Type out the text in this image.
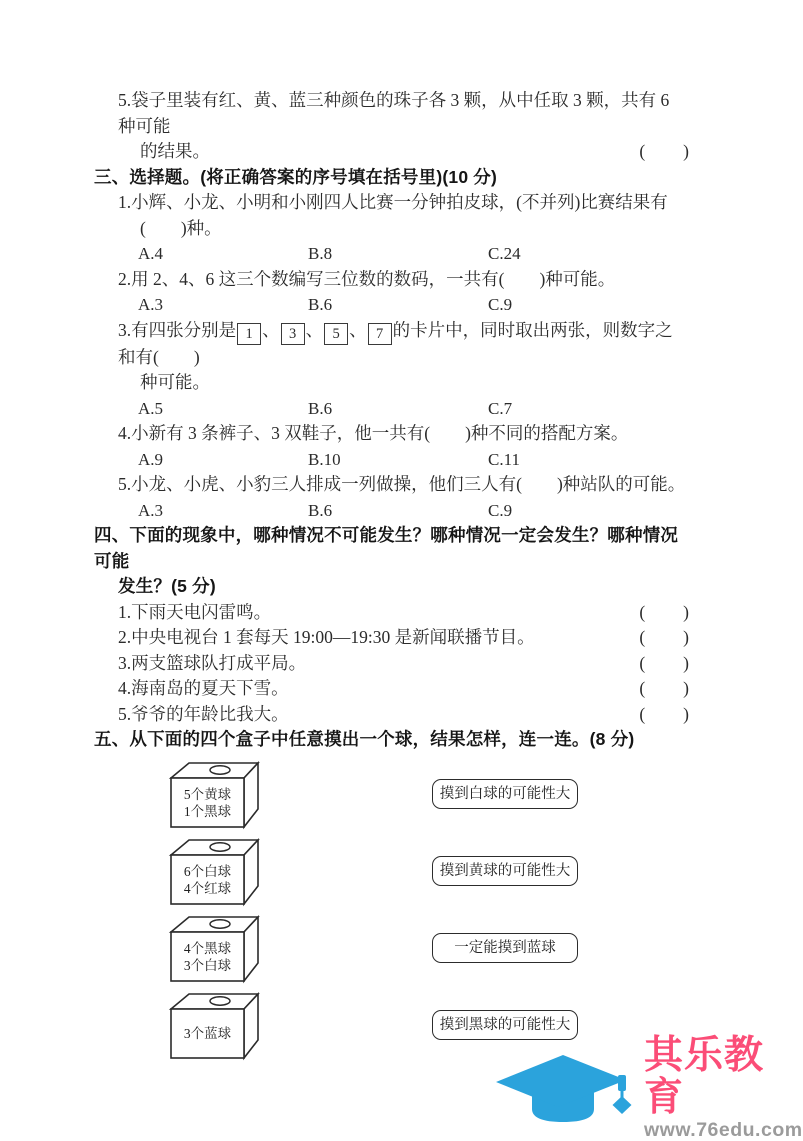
5.袋子里装有红、黄、蓝三种颜色的珠子各 3 颗，从中任取 3 颗，共有 6 种可能
的结果。	(　　)
三、选择题。(将正确答案的序号填在括号里)(10 分)
1.小辉、小龙、小明和小刚四人比赛一分钟拍皮球，(不并列)比赛结果有
(　　)种。
A.4	B.8	C.24
2.用 2、4、6 这三个数编写三位数的数码，一共有(　　)种可能。
A.3	B.6	C.9
3.有四张分别是 1 、 3 、 5 、 7 的卡片中，同时取出两张，则数字之和有(　　)
种可能。
A.5	B.6	C.7
4.小新有 3 条裤子、3 双鞋子，他一共有(　　)种不同的搭配方案。
A.9	B.10	C.11
5.小龙、小虎、小豹三人排成一列做操，他们三人有(　　)种站队的可能。
A.3	B.6	C.9
四、下面的现象中，哪种情况不可能发生？哪种情况一定会发生？哪种情况可能
发生？(5 分)
1.下雨天电闪雷鸣。	(　　)
2.中央电视台 1 套每天 19:00—19:30 是新闻联播节目。	(　　)
3.两支篮球队打成平局。	(　　)
4.海南岛的夏天下雪。	(　　)
5.爷爷的年龄比我大。	(　　)
五、从下面的四个盒子中任意摸出一个球，结果怎样，连一连。(8 分)
5个黄球
1个黑球
摸到白球的可能性大
6个白球
4个红球
摸到黄球的可能性大
4个黑球
3个白球
一定能摸到蓝球
3个蓝球
摸到黑球的可能性大
其乐教育
www.76edu.com
